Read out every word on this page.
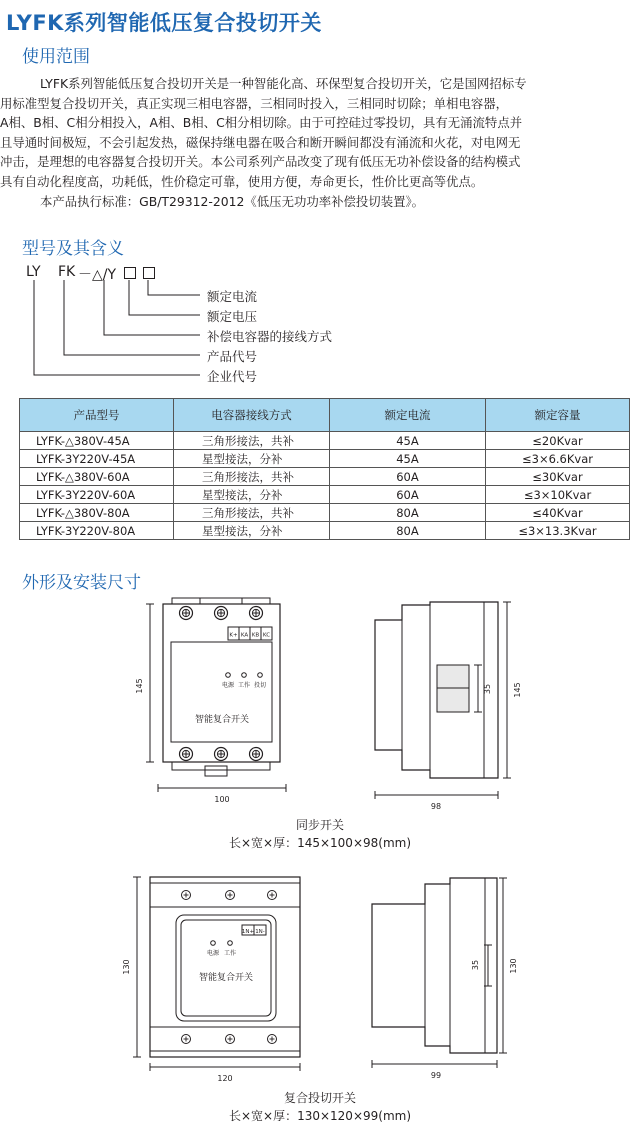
LYFK系列智能低压复合投切开关
使用范围

LYFK系列智能低压复合投切开关是一种智能化高、环保型复合投切开关，它是国网招标专

用标准型复合投切开关，真正实现三相电容器，三相同时投入，三相同时切除；单相电容器，

A相、B相、C相分相投入，A相、B相、C相分相切除。由于可控硅过零投切，具有无涌流特点并

且导通时间极短，不会引起发热，磁保持继电器在吸合和断开瞬间都没有涌流和火花，对电网无

冲击，是理想的电容器复合投切开关。本公司系列产品改变了现有低压无功补偿设备的结构模式

具有自动化程度高，功耗低，性价稳定可靠，使用方便，寿命更长，性价比更高等优点。

本产品执行标准：GB/T29312-2012《低压无功功率补偿投切装置》。

型号及其含义
LY FK －△/Y
额定电流
额定电压
补偿电容器的接线方式
产品代号
企业代号
产品型号	电容器接线方式	额定电流	额定容量
LYFK-△380V-45A	三角形接法，共补	45A	≤20Kvar
LYFK-3Y220V-45A	星型接法，分补	45A	≤3×6.6Kvar
LYFK-△380V-60A	三角形接法，共补	60A	≤30Kvar
LYFK-3Y220V-60A	星型接法，分补	60A	≤3×10Kvar
LYFK-△380V-80A	三角形接法，共补	80A	≤40Kvar
LYFK-3Y220V-80A	星型接法，分补	80A	≤3×13.3Kvar
外形及安装尺寸
K+ KA KB KC
电源 工作 投切
智能复合开关
145
100
35	145
98
1N+ 1N-
电源 工作
智能复合开关
130
120
35	130
99
同步开关
长×宽×厚：145×100×98(mm)
复合投切开关
长×宽×厚：130×120×99(mm)
